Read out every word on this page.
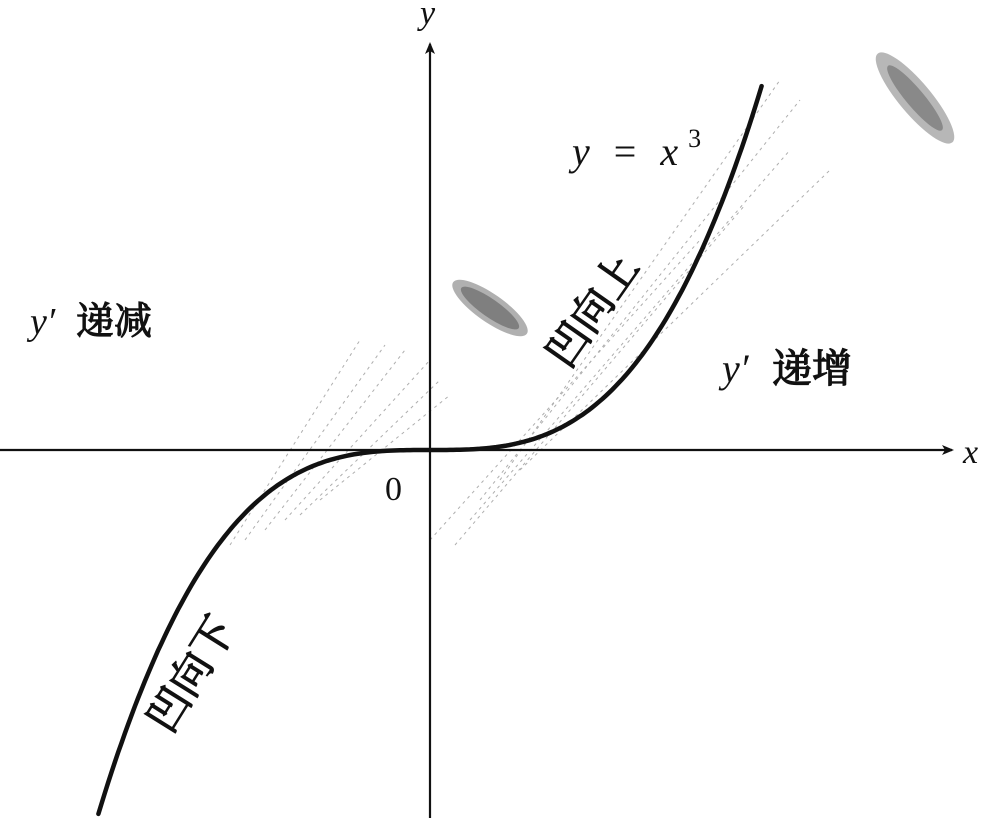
x
y
0
y = x $^3$
y′ 递减
y′ 递增
凹向上
凹向下
